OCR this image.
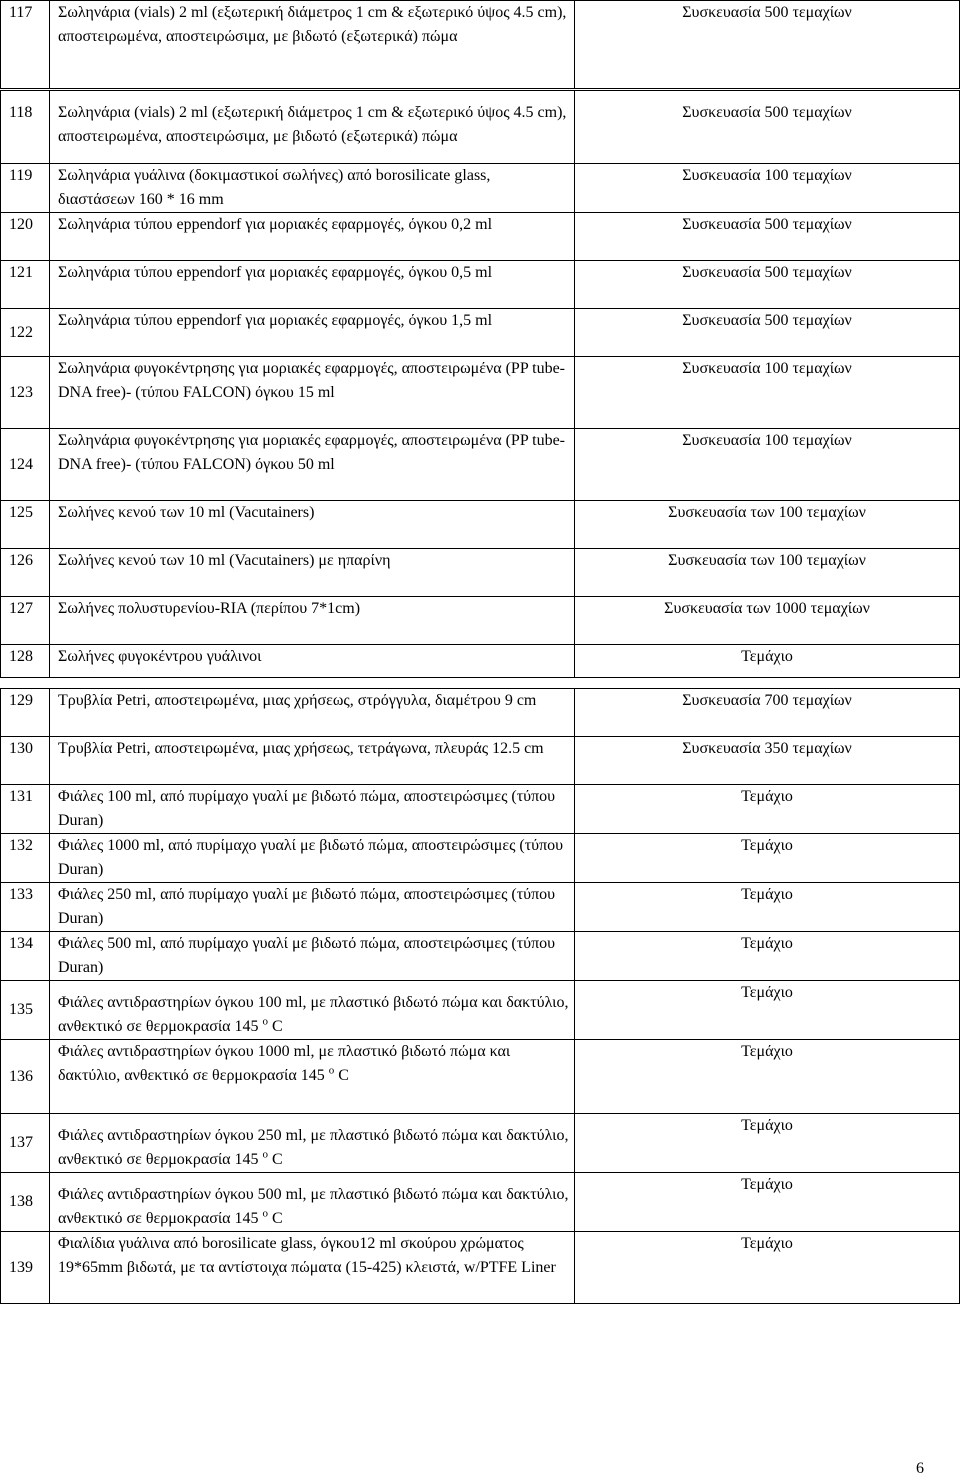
117	Σωληνάρια (vials) 2 ml (εξωτερική διάμετρος 1 cm & εξωτερικό ύψος 4.5 cm), αποστειρωμένα, αποστειρώσιμα, με βιδωτό (εξωτερικά) πώμα	Συσκευασία 500 τεμαχίων
118	Σωληνάρια (vials) 2 ml (εξωτερική διάμετρος 1 cm & εξωτερικό ύψος 4.5 cm), αποστειρωμένα, αποστειρώσιμα, με βιδωτό (εξωτερικά) πώμα	Συσκευασία 500 τεμαχίων
119	Σωληνάρια γυάλινα (δοκιμαστικοί σωλήνες) από borosilicate glass, διαστάσεων 160 * 16 mm	Συσκευασία 100 τεμαχίων
120	Σωληνάρια τύπου eppendorf για μοριακές εφαρμογές, όγκου 0,2 ml	Συσκευασία 500 τεμαχίων
121	Σωληνάρια τύπου eppendorf για μοριακές εφαρμογές, όγκου 0,5 ml	Συσκευασία 500 τεμαχίων
122	Σωληνάρια τύπου eppendorf για μοριακές εφαρμογές, όγκου 1,5 ml	Συσκευασία 500 τεμαχίων
123	Σωληνάρια φυγοκέντρησης για μοριακές εφαρμογές, αποστειρωμένα (PP tube-DNA free)- (τύπου FALCON) όγκου 15 ml	Συσκευασία 100 τεμαχίων
124	Σωληνάρια φυγοκέντρησης για μοριακές εφαρμογές, αποστειρωμένα (PP tube-DNA free)- (τύπου FALCON) όγκου 50 ml	Συσκευασία 100 τεμαχίων
125	Σωλήνες κενού των 10 ml (Vacutainers)	Συσκευασία των 100 τεμαχίων
126	Σωλήνες κενού των 10 ml (Vacutainers) με ηπαρίνη	Συσκευασία των 100 τεμαχίων
127	Σωλήνες πολυστυρενίου-RIA (περίπου 7*1cm)	Συσκευασία των 1000 τεμαχίων
128	Σωλήνες φυγοκέντρου γυάλινοι	Τεμάχιο
129	Τρυβλία Petri, αποστειρωμένα, μιας χρήσεως, στρόγγυλα, διαμέτρου 9 cm	Συσκευασία 700 τεμαχίων
130	Τρυβλία Petri, αποστειρωμένα, μιας χρήσεως, τετράγωνα, πλευράς 12.5 cm	Συσκευασία 350 τεμαχίων
131	Φιάλες 100 ml, από πυρίμαχο γυαλί με βιδωτό πώμα, αποστειρώσιμες (τύπου Duran)	Τεμάχιο
132	Φιάλες 1000 ml, από πυρίμαχο γυαλί με βιδωτό πώμα, αποστειρώσιμες (τύπου Duran)	Τεμάχιο
133	Φιάλες 250 ml, από πυρίμαχο γυαλί με βιδωτό πώμα, αποστειρώσιμες (τύπου Duran)	Τεμάχιο
134	Φιάλες 500 ml, από πυρίμαχο γυαλί με βιδωτό πώμα, αποστειρώσιμες (τύπου Duran)	Τεμάχιο
135	Φιάλες αντιδραστηρίων όγκου 100 ml, με πλαστικό βιδωτό πώμα και δακτύλιο, ανθεκτικό σε θερμοκρασία 145 $^o$ C	Τεμάχιο
136	Φιάλες αντιδραστηρίων όγκου 1000 ml, με πλαστικό βιδωτό πώμα και δακτύλιο, ανθεκτικό σε θερμοκρασία 145 $^o$ C	Τεμάχιο
137	Φιάλες αντιδραστηρίων όγκου 250 ml, με πλαστικό βιδωτό πώμα και δακτύλιο, ανθεκτικό σε θερμοκρασία 145 $^o$ C	Τεμάχιο
138	Φιάλες αντιδραστηρίων όγκου 500 ml, με πλαστικό βιδωτό πώμα και δακτύλιο, ανθεκτικό σε θερμοκρασία 145 $^o$ C	Τεμάχιο
139	Φιαλίδια γυάλινα από borosilicate glass, όγκου12 ml σκούρου χρώματος 19*65mm βιδωτά, με τα αντίστοιχα πώματα (15-425) κλειστά, w/PTFE Liner	Τεμάχιο
6
